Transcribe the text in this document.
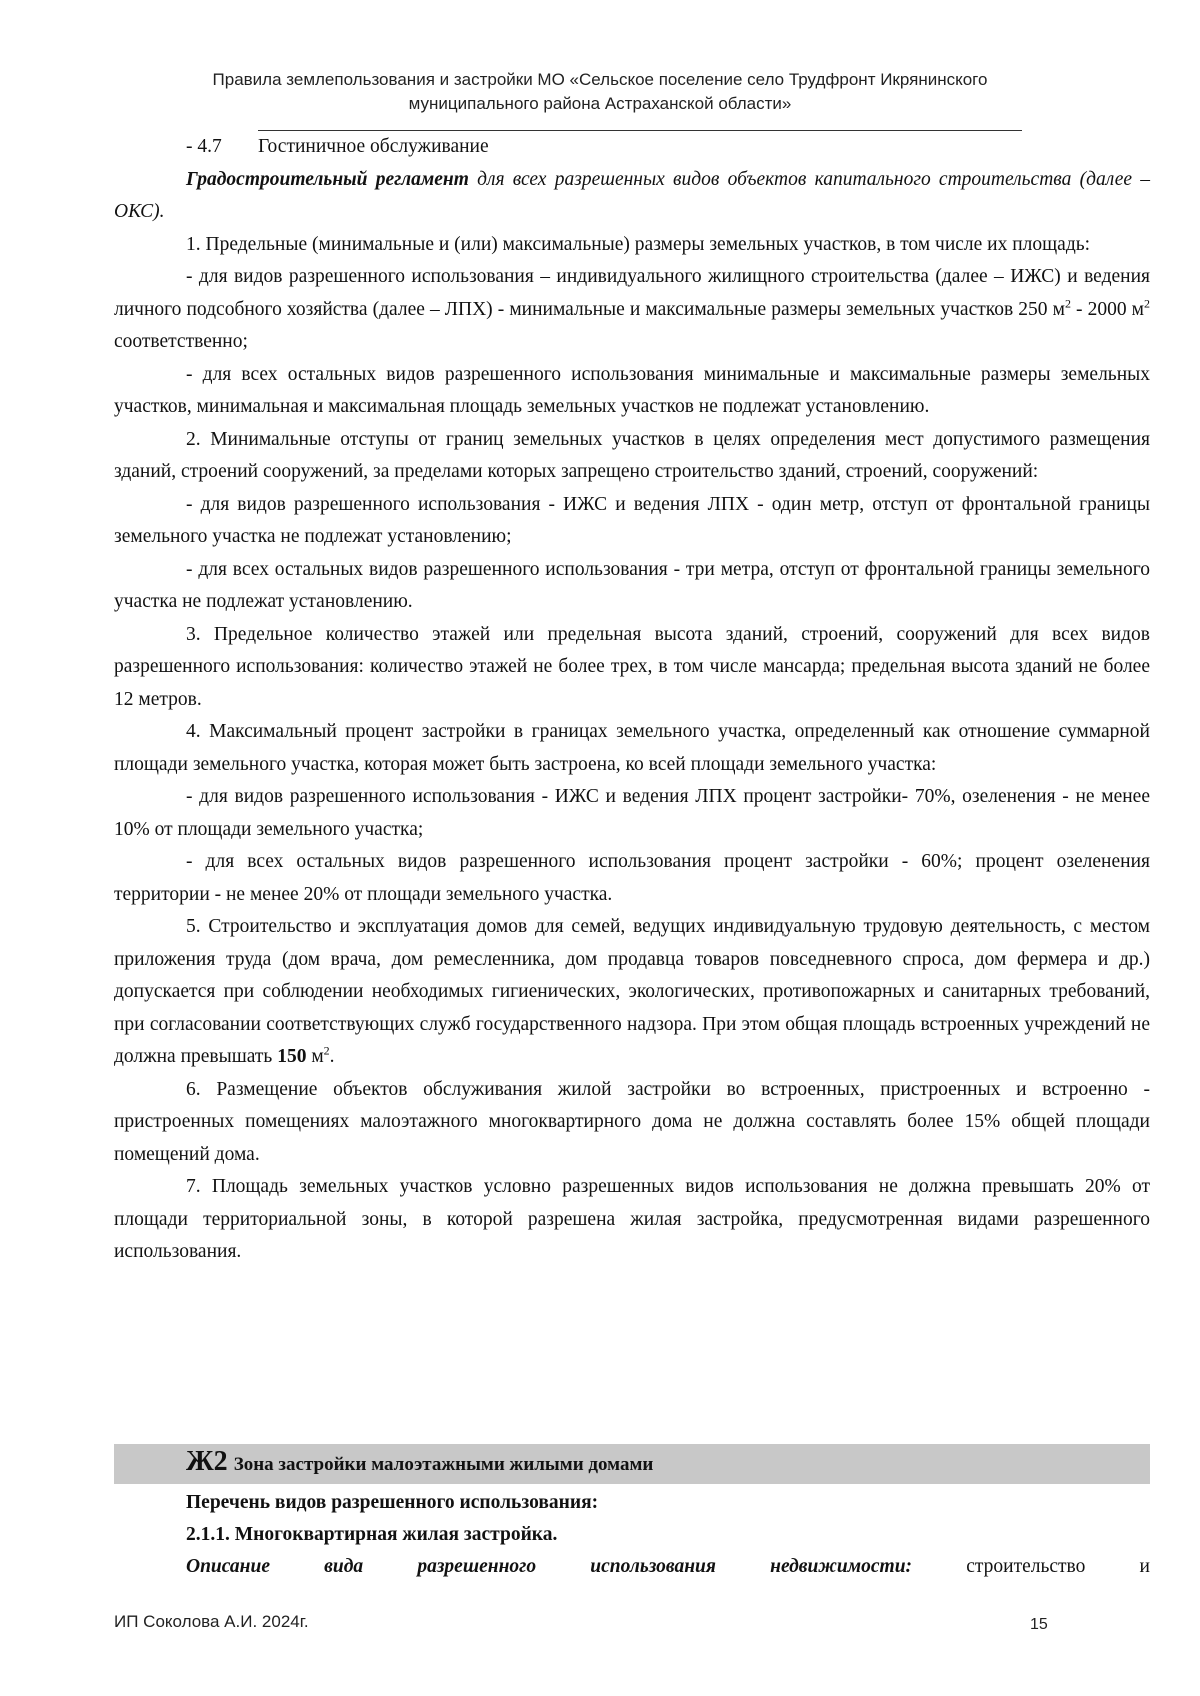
Правила землепользования и застройки МО «Сельское поселение село Трудфронт Икрянинского
муниципального района Астраханской области»

- 4.7 Гостиничное обслуживание

Градостроительный регламент для всех разрешенных видов объектов капитального строительства (далее – ОКС).

1. Предельные (минимальные и (или) максимальные) размеры земельных участков, в том числе их площадь:

- для видов разрешенного использования – индивидуального жилищного строительства (далее – ИЖС) и ведения личного подсобного хозяйства (далее – ЛПХ) - минимальные и максимальные размеры земельных участков 250 $м^2 - 2000$ $м^2$ соответственно;

- для всех остальных видов разрешенного использования минимальные и максимальные размеры земельных участков, минимальная и максимальная площадь земельных участков не подлежат установлению.

2. Минимальные отступы от границ земельных участков в целях определения мест допустимого размещения зданий, строений сооружений, за пределами которых запрещено строительство зданий, строений, сооружений:

- для видов разрешенного использования - ИЖС и ведения ЛПХ - один метр, отступ от фронтальной границы земельного участка не подлежат установлению;

- для всех остальных видов разрешенного использования - три метра, отступ от фронтальной границы земельного участка не подлежат установлению.

3. Предельное количество этажей или предельная высота зданий, строений, сооружений для всех видов разрешенного использования: количество этажей не более трех, в том числе мансарда; предельная высота зданий не более 12 метров.

4. Максимальный процент застройки в границах земельного участка, определенный как отношение суммарной площади земельного участка, которая может быть застроена, ко всей площади земельного участка:

- для видов разрешенного использования - ИЖС и ведения ЛПХ процент застройки- 70%, озеленения - не менее 10% от площади земельного участка;

- для всех остальных видов разрешенного использования процент застройки - 60%; процент озеленения территории - не менее 20% от площади земельного участка.

5. Строительство и эксплуатация домов для семей, ведущих индивидуальную трудовую деятельность, с местом приложения труда (дом врача, дом ремесленника, дом продавца товаров повседневного спроса, дом фермера и др.) допускается при соблюдении необходимых гигиенических, экологических, противопожарных и санитарных требований, при согласовании соответствующих служб государственного надзора. При этом общая площадь встроенных учреждений не должна превышать 150 $м^2$.

6. Размещение объектов обслуживания жилой застройки во встроенных, пристроенных и встроенно - пристроенных помещениях малоэтажного многоквартирного дома не должна составлять более 15% общей площади помещений дома.

7. Площадь земельных участков условно разрешенных видов использования не должна превышать 20% от площади территориальной зоны, в которой разрешена жилая застройка, предусмотренная видами разрешенного использования.

Ж2 Зона застройки малоэтажными жилыми домами

Перечень видов разрешенного использования:

2.1.1. Многоквартирная жилая застройка.

Описание	вида	разрешенного	использования	недвижимости:	строительство	и
ИП Соколова А.И. 2024г.	15
